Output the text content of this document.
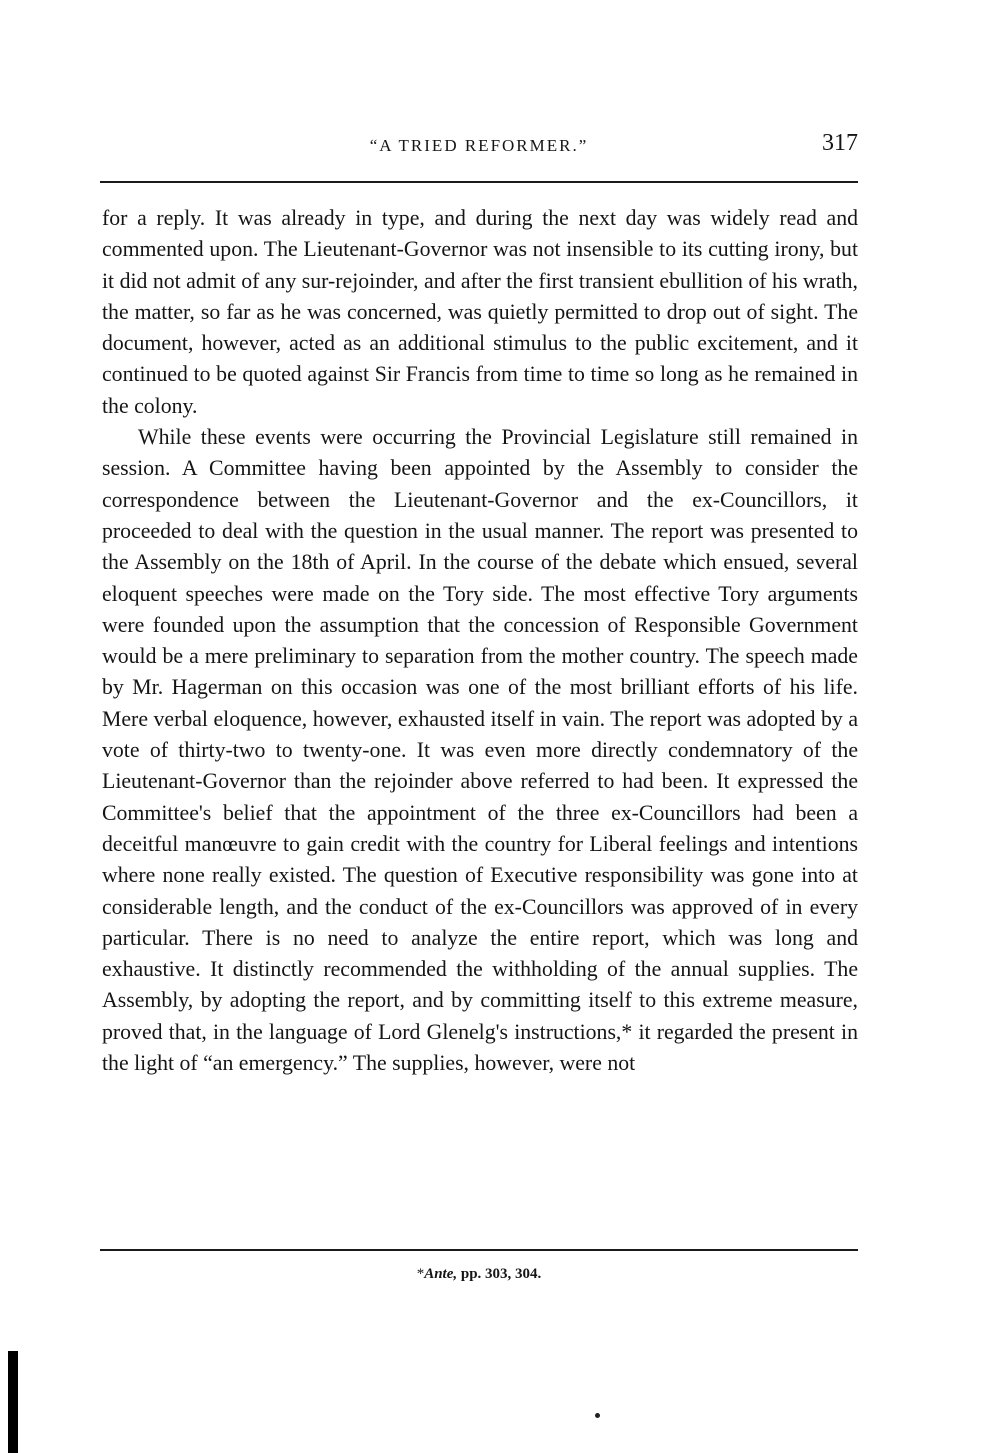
“A TRIED REFORMER.”	317

for a reply. It was already in type, and during the next day was widely read and commented upon. The Lieutenant-Governor was not insensible to its cutting irony, but it did not admit of any sur-rejoinder, and after the first transient ebullition of his wrath, the matter, so far as he was concerned, was quietly permitted to drop out of sight. The document, however, acted as an additional stimulus to the public excitement, and it continued to be quoted against Sir Francis from time to time so long as he remained in the colony.

While these events were occurring the Provincial Legislature still remained in session. A Committee having been appointed by the Assembly to consider the correspondence between the Lieutenant-Governor and the ex-Councillors, it proceeded to deal with the question in the usual manner. The report was presented to the Assembly on the 18th of April. In the course of the debate which ensued, several eloquent speeches were made on the Tory side. The most effective Tory arguments were founded upon the assumption that the concession of Responsible Government would be a mere preliminary to separation from the mother country. The speech made by Mr. Hagerman on this occasion was one of the most brilliant efforts of his life. Mere verbal eloquence, however, exhausted itself in vain. The report was adopted by a vote of thirty-two to twenty-one. It was even more directly condemnatory of the Lieutenant-Governor than the rejoinder above referred to had been. It expressed the Committee's belief that the appointment of the three ex-Councillors had been a deceitful manœuvre to gain credit with the country for Liberal feelings and intentions where none really existed. The question of Executive responsibility was gone into at considerable length, and the conduct of the ex-Councillors was approved of in every particular. There is no need to analyze the entire report, which was long and exhaustive. It distinctly recommended the withholding of the annual supplies. The Assembly, by adopting the report, and by committing itself to this extreme measure, proved that, in the language of Lord Glenelg's instructions,* it regarded the present in the light of “an emergency.” The supplies, however, were not

*Ante, pp. 303, 304.
